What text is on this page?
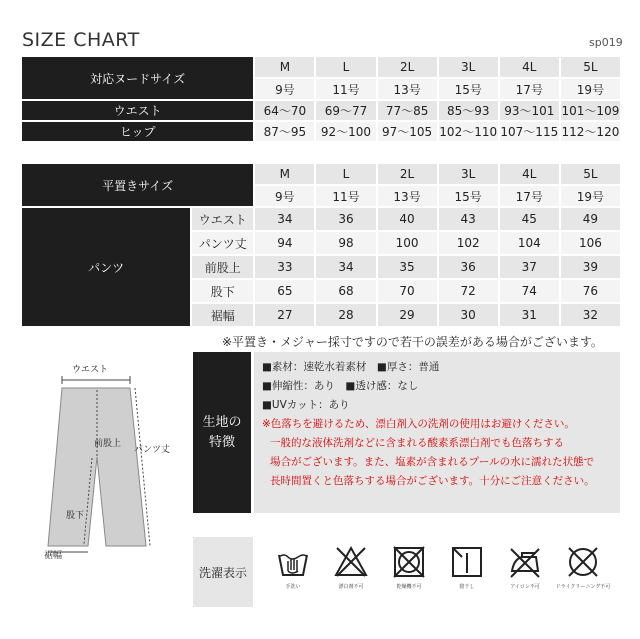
SIZE CHART	sp019
対応ヌードサイズ	M	L	2L	3L	4L	5L
	9号	11号	13号	15号	17号	19号
ウエスト	64〜70	69〜77	77〜85	85〜93	93〜101	101〜109
ヒップ	87〜95	92〜100	97〜105	102〜110	107〜115	112〜120
平置きサイズ		M	L	2L	3L	4L	5L
		9号	11号	13号	15号	17号	19号
パンツ	ウエスト	34	36	40	43	45	49
	パンツ丈	94	98	100	102	104	106
	前股上	33	34	35	36	37	39
	股下	65	68	70	72	74	76
	裾幅	27	28	29	30	31	32
※平置き・メジャー採寸ですので若干の誤差がある場合がございます。
ウエスト
前股上
パンツ丈
股下
裾幅
生地の
特徴
■素材：速乾水着素材　■厚さ：普通
■伸縮性：あり　■透け感：なし
■UVカット：あり
※色落ちを避けるため、漂白剤入の洗剤の使用はお避けください。
一般的な液体洗剤などに含まれる酸素系漂白剤でも色落ちする
場合がございます。また、塩素が含まれるプールの水に濡れた状態で
長時間置くと色落ちする場合がございます。十分にご注意ください。
洗濯表示
手洗い	漂白剤不可	乾燥機不可	陰干し	アイロン不可	ドライクリーニング不可
